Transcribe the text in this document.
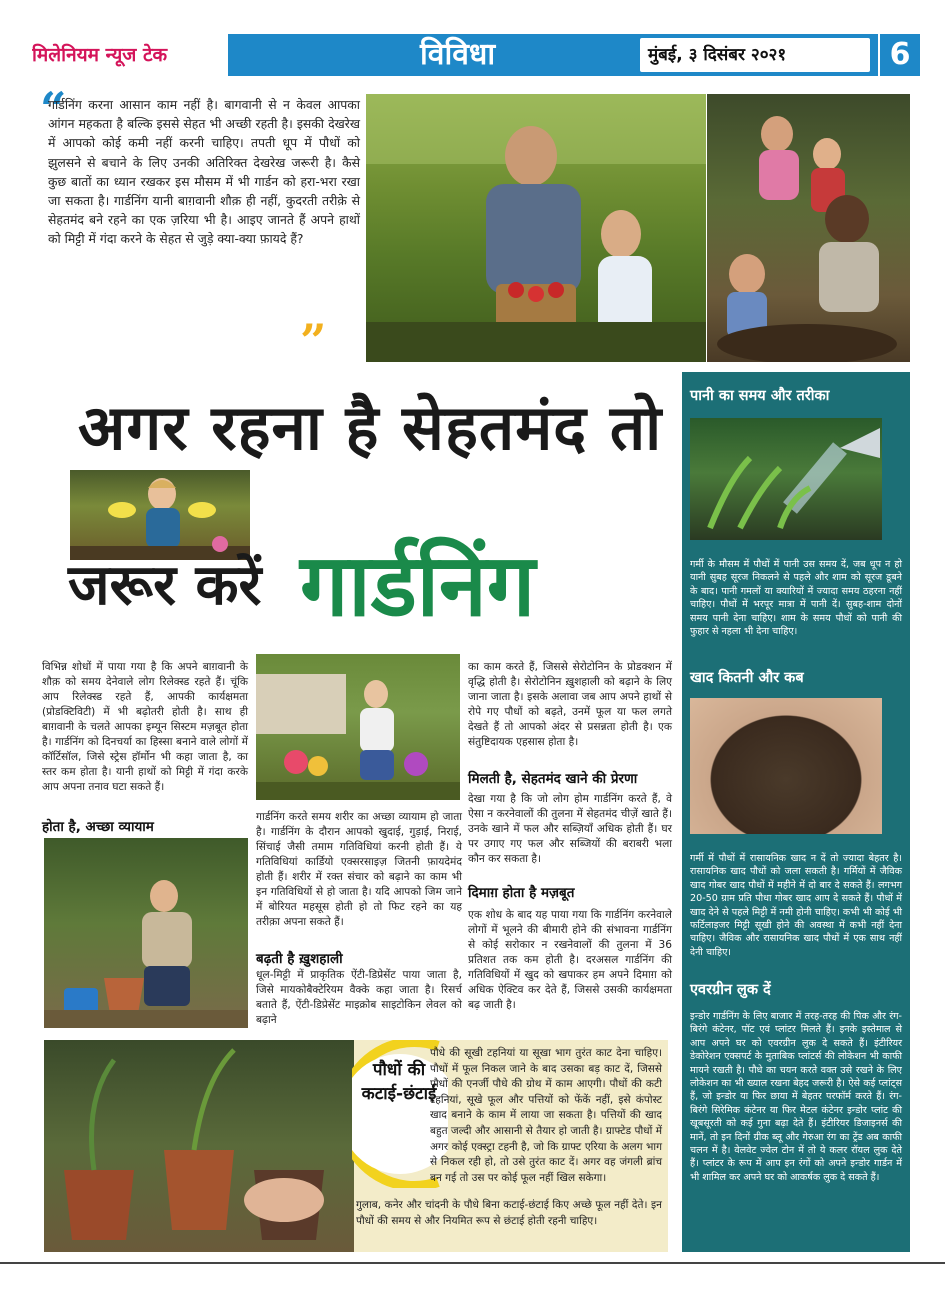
मिलेनियम न्यूज टेक	विविधा	मुंबई, ३ दिसंबर २०२१	6
“
गार्डनिंग करना आसान काम नहीं है। बागवानी से न केवल आपका आंगन महकता है बल्कि इससे सेहत भी अच्छी रहती है। इसकी देखरेख में आपको कोई कमी नहीं करनी चाहिए। तपती धूप में पौधों को झुलसने से बचाने के लिए उनकी अतिरिक्त देखरेख जरूरी है। कैसे कुछ बातों का ध्यान रखकर इस मौसम में भी गार्डन को हरा-भरा रखा जा सकता है। गार्डनिंग यानी बाग़वानी शौक़ ही नहीं, कुदरती तरीक़े से सेहतमंद बने रहने का एक ज़रिया भी है। आइए जानते हैं अपने हाथों को मिट्टी में गंदा करने के सेहत से जुड़े क्या-क्या फ़ायदे हैं?
”
अगर रहना है सेहतमंद तो
जरूर करें गार्डनिंग
विभिन्न शोधों में पाया गया है कि अपने बाग़वानी के शौक़ को समय देनेवाले लोग रिलेक्स्ड रहते हैं। चूंकि आप रिलेक्स्ड रहते हैं, आपकी कार्यक्षमता (प्रोडक्टिविटी) में भी बढ़ोतरी होती है। साथ ही बाग़वानी के चलते आपका इम्यून सिस्टम मज़बूत होता है। गार्डनिंग को दिनचर्या का हिस्सा बनाने वाले लोगों में कॉर्टिसॉल, जिसे स्ट्रेस हॉर्मोन भी कहा जाता है, का स्तर कम होता है। यानी हाथों को मिट्टी में गंदा करके आप अपना तनाव घटा सकते हैं।
होता है, अच्छा व्यायाम
गार्डनिंग करते समय शरीर का अच्छा व्यायाम हो जाता है। गार्डनिंग के दौरान आपको खुदाई, गुड़ाई, निराई, सिंचाई जैसी तमाम गतिविधियां करनी होती हैं। ये गतिविधियां कार्डियो एक्सरसाइज़ जितनी फ़ायदेमंद होती हैं। शरीर में रक्त संचार को बढ़ाने का काम भी इन गतिविधियों से हो जाता है। यदि आपको जिम जाने में बोरियत महसूस होती हो तो फिट रहने का यह तरीक़ा अपना सकते हैं।
बढ़ती है ख़ुशहाली
धूल-मिट्टी में प्राकृतिक ऐंटी-डिप्रेसेंट पाया जाता है, जिसे मायकोबैक्टेरियम वैक्के कहा जाता है। रिसर्च बताते हैं, ऐंटी-डिप्रेसेंट माइक्रोब साइटोकिन लेवल को बढ़ाने
का काम करते हैं, जिससे सेरोटोनिन के प्रोडक्शन में वृद्धि होती है। सेरोटोनिन ख़ुशहाली को बढ़ाने के लिए जाना जाता है। इसके अलावा जब आप अपने हाथों से रोपे गए पौधों को बढ़ते, उनमें फूल या फल लगते देखते हैं तो आपको अंदर से प्रसन्नता होती है। एक संतुष्टिदायक एहसास होता है।
मिलती है, सेहतमंद खाने की प्रेरणा
देखा गया है कि जो लोग होम गार्डनिंग करते हैं, वे ऐसा न करनेवालों की तुलना में सेहतमंद चीज़ें खाते हैं। उनके खाने में फल और सब्ज़ियाँ अधिक होती हैं। घर पर उगाए गए फल और सब्जियों की बराबरी भला कौन कर सकता है।
दिमाग़ होता है मज़बूत
एक शोध के बाद यह पाया गया कि गार्डनिंग करनेवाले लोगों में भूलने की बीमारी होने की संभावना गार्डनिंग से कोई सरोकार न रखनेवालों की तुलना में 36 प्रतिशत तक कम होती है। दरअसल गार्डनिंग की गतिविधियों में खुद को खपाकर हम अपने दिमाग़ को अधिक ऐक्टिव कर देते हैं, जिससे उसकी कार्यक्षमता बढ़ जाती है।
पौधों की कटाई-छंटाई
पौधे की सूखी टहनियां या सूखा भाग तुरंत काट देना चाहिए। पौधों में फूल निकल जाने के बाद उसका बड़ काट दें, जिससे पौधों की एनर्जी पौधे की ग्रोथ में काम आएगी। पौधों की कटी टहनियां, सूखे फूल और पत्तियों को फेंकें नहीं, इसे कंपोस्ट खाद बनाने के काम में लाया जा सकता है। पत्तियों की खाद बहुत जल्दी और आसानी से तैयार हो जाती है। ग्राफ्टेड पौधों में अगर कोई एक्स्ट्रा टहनी है, जो कि ग्राफ्ट एरिया के अलग भाग से निकल रही हो, तो उसे तुरंत काट दें। अगर वह जंगली ब्रांच बन गई तो उस पर कोई फूल नहीं खिल सकेगा।
गुलाब, कनेर और चांदनी के पौधे बिना कटाई-छंटाई किए अच्छे फूल नहीं देते। इन पौधों की समय से और नियमित रूप से छंटाई होती रहनी चाहिए।
पानी का समय और तरीका
गर्मी के मौसम में पौधों में पानी उस समय दें, जब धूप न हो यानी सुबह सूरज निकलने से पहले और शाम को सूरज डूबने के बाद। पानी गमलों या क्यारियों में ज्यादा समय ठहरना नहीं चाहिए। पौधों में भरपूर मात्रा में पानी दें। सुबह-शाम दोनों समय पानी देना चाहिए। शाम के समय पौधों को पानी की फुहार से नहला भी देना चाहिए।
खाद कितनी और कब
गर्मी में पौधों में रासायनिक खाद न दें तो ज्यादा बेहतर है। रासायनिक खाद पौधों को जला सकती है। गर्मियों में जैविक खाद गोबर खाद पौधों में महीने में दो बार दे सकते हैं। लगभग 20-50 ग्राम प्रति पौधा गोबर खाद आप दे सकते हैं। पौधों में खाद देने से पहले मिट्टी में नमी होनी चाहिए। कभी भी कोई भी फर्टिलाइजर मिट्टी सूखी होने की अवस्था में कभी नहीं देना चाहिए। जैविक और रासायनिक खाद पौधों में एक साथ नहीं देनी चाहिए।
एवरग्रीन लुक दें
इन्डोर गार्डनिंग के लिए बाजार में तरह-तरह की पिक और रंग-बिरंगे कंटेनर, पॉट एवं प्लांटर मिलते हैं। इनके इस्तेमाल से आप अपने घर को एवरग्रीन लुक दे सकते हैं। इंटीरियर डेकोरेशन एक्सपर्ट के मुताबिक प्लांटर्स की लोकेशन भी काफी मायने रखती है। पौधे का चयन करते वक्त उसे रखने के लिए लोकेशन का भी ख्याल रखना बेहद जरूरी है। ऐसे कई प्लांट्स हैं, जो इन्डोर या फिर छाया में बेहतर परफॉर्म करते हैं। रंग-बिरंगे सिरेमिक कंटेनर या फिर मेटल कंटेनर इन्डोर प्लांट की खूबसूरती को कई गुना बढ़ा देते हैं। इंटीरियर डिजाइनर्स की मानें, तो इन दिनों ग्रीक ब्लू और गेरुआ रंग का ट्रेंड अब काफी चलन में है। वेलवेट ज्वेल टोन में तो ये कलर रॉयल लुक देते हैं। प्लांटर के रूप में आप इन रंगों को अपने इन्डोर गार्डन में भी शामिल कर अपने घर को आकर्षक लुक दे सकते हैं।
